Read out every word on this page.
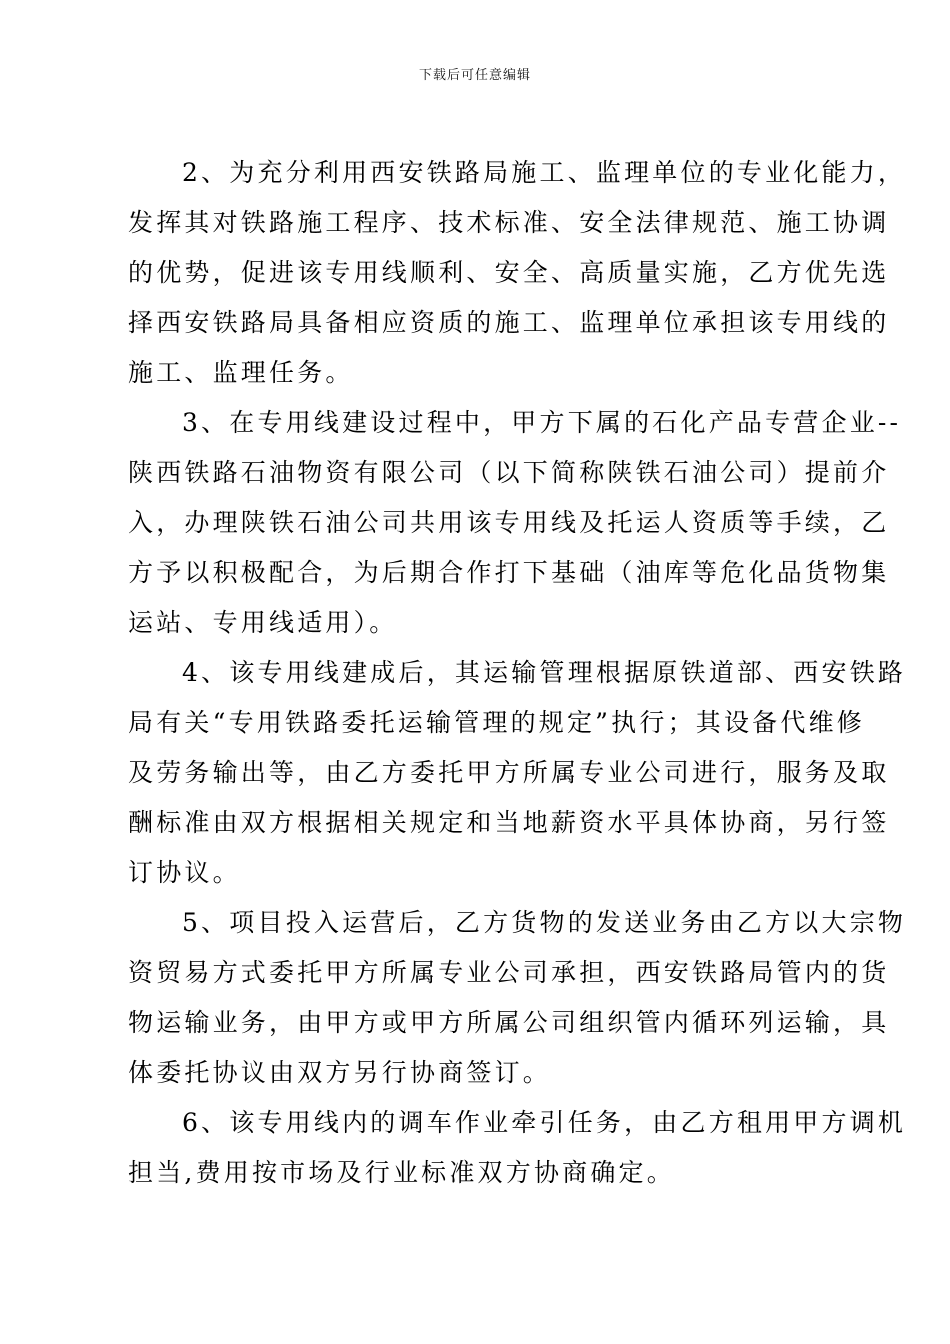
下载后可任意编辑
2、为充分利用西安铁路局施工、监理单位的专业化能力，
发挥其对铁路施工程序、技术标准、安全法律规范、施工协调
的优势，促进该专用线顺利、安全、高质量实施，乙方优先选
择西安铁路局具备相应资质的施工、监理单位承担该专用线的
施工、监理任务。
3、在专用线建设过程中，甲方下属的石化产品专营企业--
陕西铁路石油物资有限公司（以下简称陕铁石油公司）提前介
入，办理陕铁石油公司共用该专用线及托运人资质等手续，乙
方予以积极配合，为后期合作打下基础（油库等危化品货物集
运站、专用线适用）。
4、该专用线建成后，其运输管理根据原铁道部、西安铁路
局有关“专用铁路委托运输管理的规定”执行；其设备代维修
及劳务输出等，由乙方委托甲方所属专业公司进行，服务及取
酬标准由双方根据相关规定和当地薪资水平具体协商，另行签
订协议。
5、项目投入运营后，乙方货物的发送业务由乙方以大宗物
资贸易方式委托甲方所属专业公司承担，西安铁路局管内的货
物运输业务，由甲方或甲方所属公司组织管内循环列运输，具
体委托协议由双方另行协商签订。
6、该专用线内的调车作业牵引任务，由乙方租用甲方调机
担当,费用按市场及行业标准双方协商确定。
